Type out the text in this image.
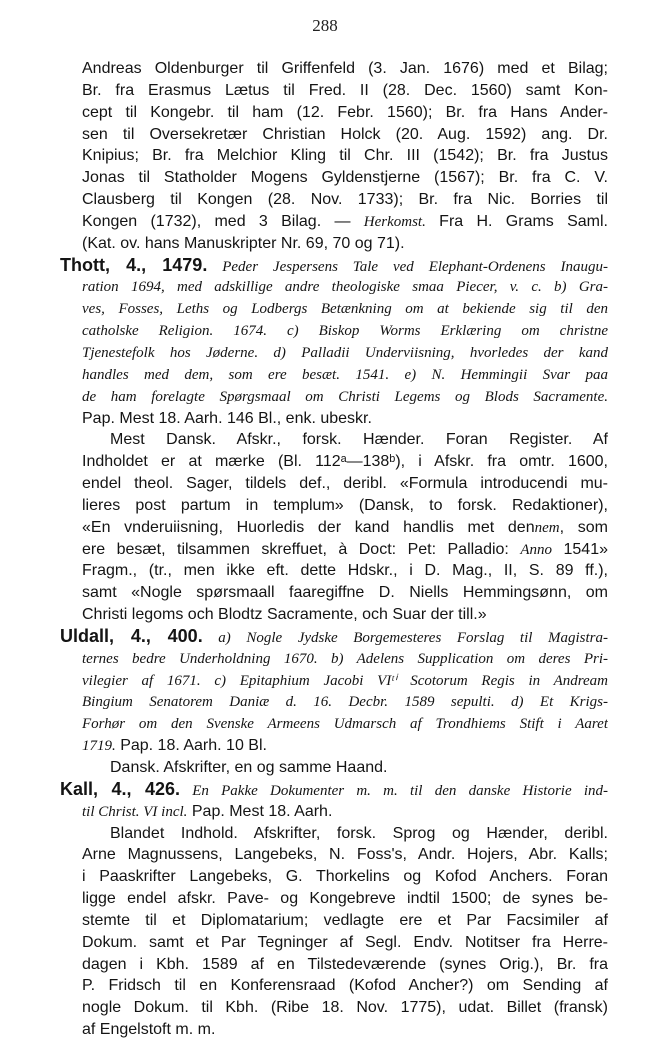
288
Andreas Oldenburger til Griffenfeld (3. Jan. 1676) med et Bilag;
Br. fra Erasmus Lætus til Fred. II (28. Dec. 1560) samt Kon-
cept til Kongebr. til ham (12. Febr. 1560); Br. fra Hans Ander-
sen til Oversekretær Christian Holck (20. Aug. 1592) ang. Dr.
Knipius; Br. fra Melchior Kling til Chr. III (1542); Br. fra Justus
Jonas til Statholder Mogens Gyldenstjerne (1567); Br. fra C. V.
Clausberg til Kongen (28. Nov. 1733); Br. fra Nic. Borries til
Kongen (1732), med 3 Bilag. — Herkomst. Fra H. Grams Saml.
(Kat. ov. hans Manuskripter Nr. 69, 70 og 71).
Thott, 4., 1479. Peder Jespersens Tale ved Elephant-Ordenens Inaugu-
ration 1694, med adskillige andre theologiske smaa Piecer, v. c. b) Gra-
ves, Fosses, Leths og Lodbergs Betænkning om at bekiende sig til den
catholske Religion. 1674. c) Biskop Worms Erklæring om christne
Tjenestefolk hos Jøderne. d) Palladii Underviisning, hvorledes der kand
handles med dem, som ere besæt. 1541. e) N. Hemmingii Svar paa
de ham forelagte Spørgsmaal om Christi Legems og Blods Sacramente.
Pap. Mest 18. Aarh. 146 Bl., enk. ubeskr.
Mest Dansk. Afskr., forsk. Hænder. Foran Register. Af
Indholdet er at mærke (Bl. 112ᵃ—138ᵇ), i Afskr. fra omtr. 1600,
endel theol. Sager, tildels def., deribl. «Formula introducendi mu-
lieres post partum in templum» (Dansk, to forsk. Redaktioner),
«En vnderuiisning, Huorledis der kand handlis met dennem, som
ere besæt, tilsammen skreffuet, à Doct: Pet: Palladio: Anno 1541»
Fragm., (tr., men ikke eft. dette Hdskr., i D. Mag., II, S. 89 ff.),
samt «Nogle spørsmaall faaregiffne D. Niells Hemmingsønn, om
Christi legoms och Blodtz Sacramente, och Suar der till.»
Uldall, 4., 400. a) Nogle Jydske Borgemesteres Forslag til Magistra-
ternes bedre Underholdning 1670. b) Adelens Supplication om deres Pri-
vilegier af 1671. c) Epitaphium Jacobi VIᵗⁱ Scotorum Regis in Andream
Bingium Senatorem Daniæ d. 16. Decbr. 1589 sepulti. d) Et Krigs-
Forhør om den Svenske Armeens Udmarsch af Trondhiems Stift i Aaret
1719. Pap. 18. Aarh. 10 Bl.
Dansk. Afskrifter, en og samme Haand.
Kall, 4., 426. En Pakke Dokumenter m. m. til den danske Historie ind-
til Christ. VI incl. Pap. Mest 18. Aarh.
Blandet Indhold. Afskrifter, forsk. Sprog og Hænder, deribl.
Arne Magnussens, Langebeks, N. Foss's, Andr. Hojers, Abr. Kalls;
i Paaskrifter Langebeks, G. Thorkelins og Kofod Anchers. Foran
ligge endel afskr. Pave- og Kongebreve indtil 1500; de synes be-
stemte til et Diplomatarium; vedlagte ere et Par Facsimiler af
Dokum. samt et Par Tegninger af Segl. Endv. Notitser fra Herre-
dagen i Kbh. 1589 af en Tilstedeværende (synes Orig.), Br. fra
P. Fridsch til en Konferensraad (Kofod Ancher?) om Sending af
nogle Dokum. til Kbh. (Ribe 18. Nov. 1775), udat. Billet (fransk)
af Engelstoft m. m.
